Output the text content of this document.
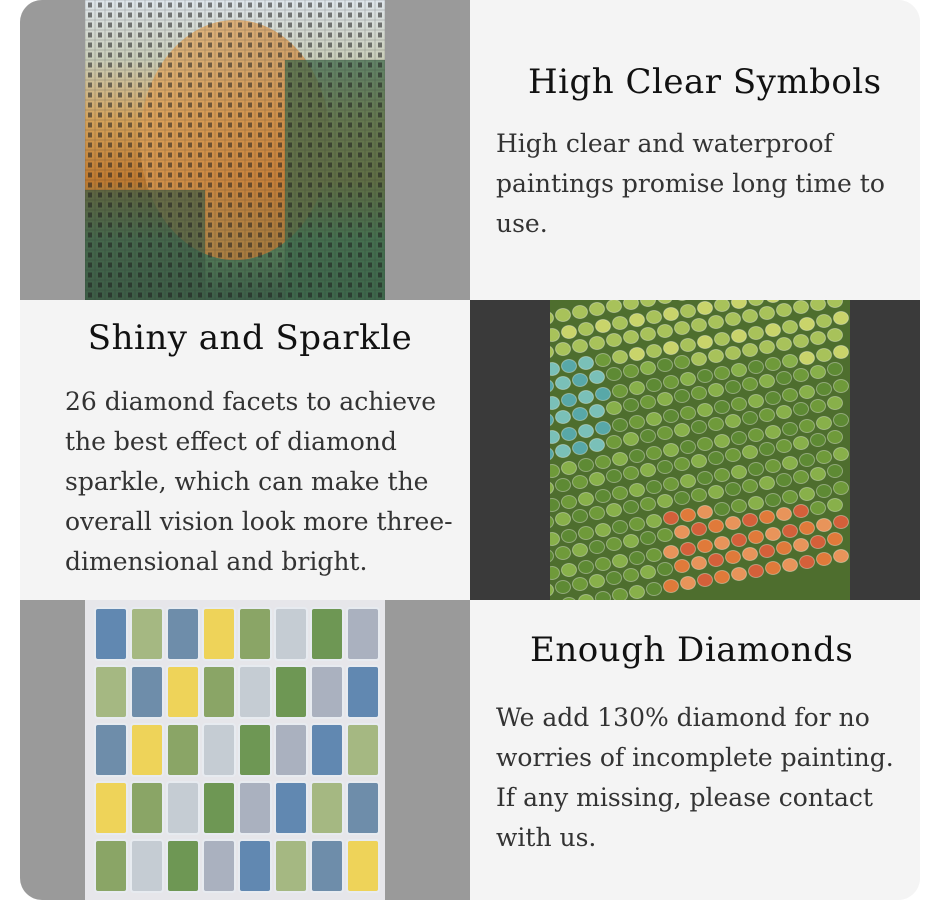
High Clear Symbols

High clear and waterproof paintings promise long time to use.

Shiny and Sparkle

26 diamond facets to achieve the best effect of diamond sparkle, which can make the overall vision look more three-dimensional and bright.

Enough Diamonds

We add 130% diamond for no worries of incomplete painting. If any missing, please contact with us.
